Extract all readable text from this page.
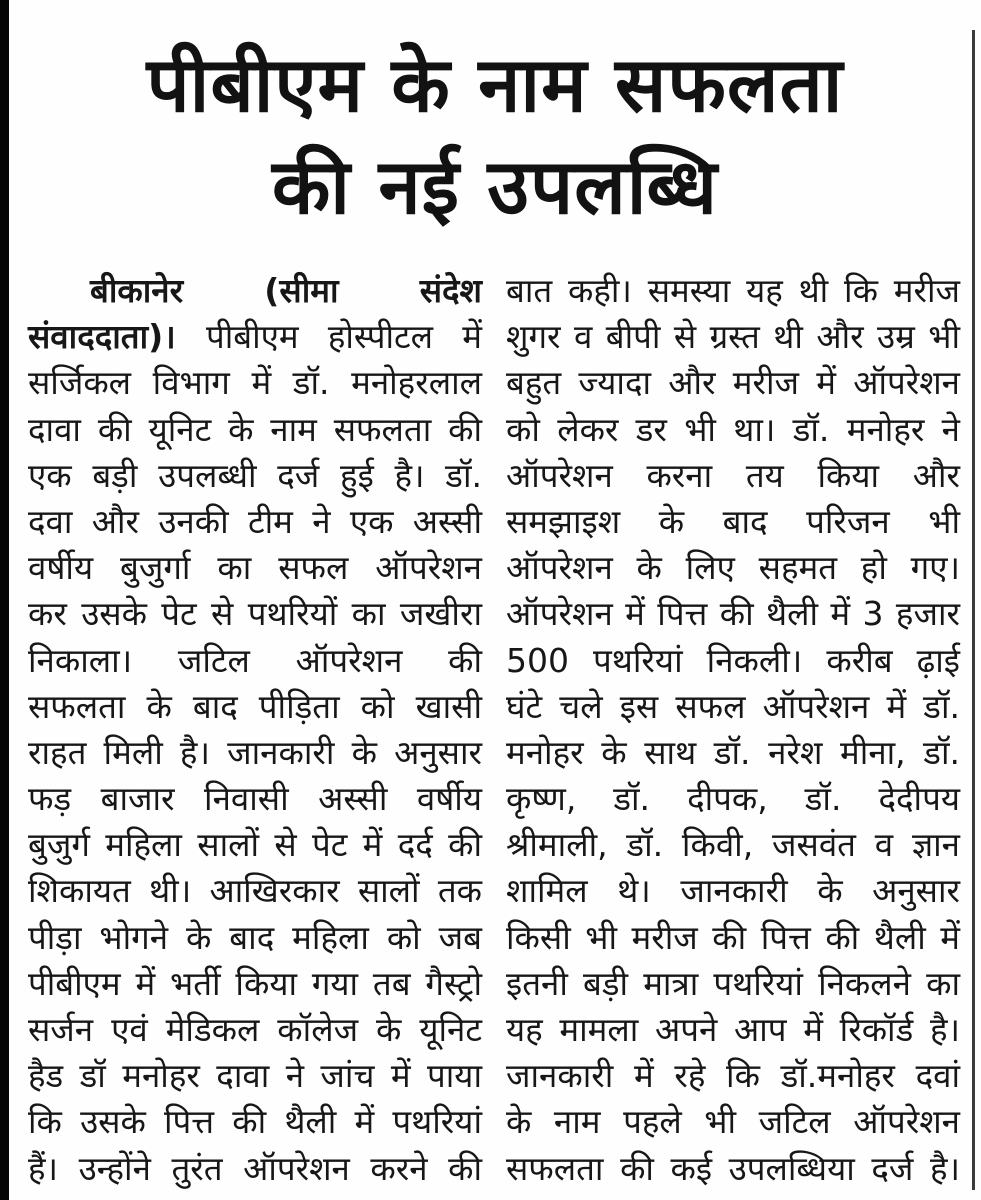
पीबीएम के नाम सफलता
की नई उपलब्धि
बीकानेर (सीमा संदेश
संवाददाता)। पीबीएम होस्पीटल में
सर्जिकल विभाग में डॉ. मनोहरलाल
दावा की यूनिट के नाम सफलता की
एक बड़ी उपलब्धी दर्ज हुई है। डॉ.
दवा और उनकी टीम ने एक अस्सी
वर्षीय बुजुर्गा का सफल ऑपरेशन
कर उसके पेट से पथरियों का जखीरा
निकाला। जटिल ऑपरेशन की
सफलता के बाद पीड़िता को खासी
राहत मिली है। जानकारी के अनुसार
फड़ बाजार निवासी अस्सी वर्षीय
बुजुर्ग महिला सालों से पेट में दर्द की
शिकायत थी। आखिरकार सालों तक
पीड़ा भोगने के बाद महिला को जब
पीबीएम में भर्ती किया गया तब गैस्ट्रो
सर्जन एवं मेडिकल कॉलेज के यूनिट
हैड डॉ मनोहर दावा ने जांच में पाया
कि उसके पित्त की थैली में पथरियां
हैं। उन्होंने तुरंत ऑपरेशन करने की
बात कही। समस्या यह थी कि मरीज
शुगर व बीपी से ग्रस्त थी और उम्र भी
बहुत ज्यादा और मरीज में ऑपरेशन
को लेकर डर भी था। डॉ. मनोहर ने
ऑपरेशन करना तय किया और
समझाइश के बाद परिजन भी
ऑपरेशन के लिए सहमत हो गए।
ऑपरेशन में पित्त की थैली में 3 हजार
500 पथरियां निकली। करीब ढ़ाई
घंटे चले इस सफल ऑपरेशन में डॉ.
मनोहर के साथ डॉ. नरेश मीना, डॉ.
कृष्ण, डॉ. दीपक, डॉ. देदीपय
श्रीमाली, डॉ. किवी, जसवंत व ज्ञान
शामिल थे। जानकारी के अनुसार
किसी भी मरीज की पित्त की थैली में
इतनी बड़ी मात्रा पथरियां निकलने का
यह मामला अपने आप में रिकॉर्ड है।
जानकारी में रहे कि डॉ.मनोहर दवां
के नाम पहले भी जटिल ऑपरेशन
सफलता की कई उपलब्धिया दर्ज है।
